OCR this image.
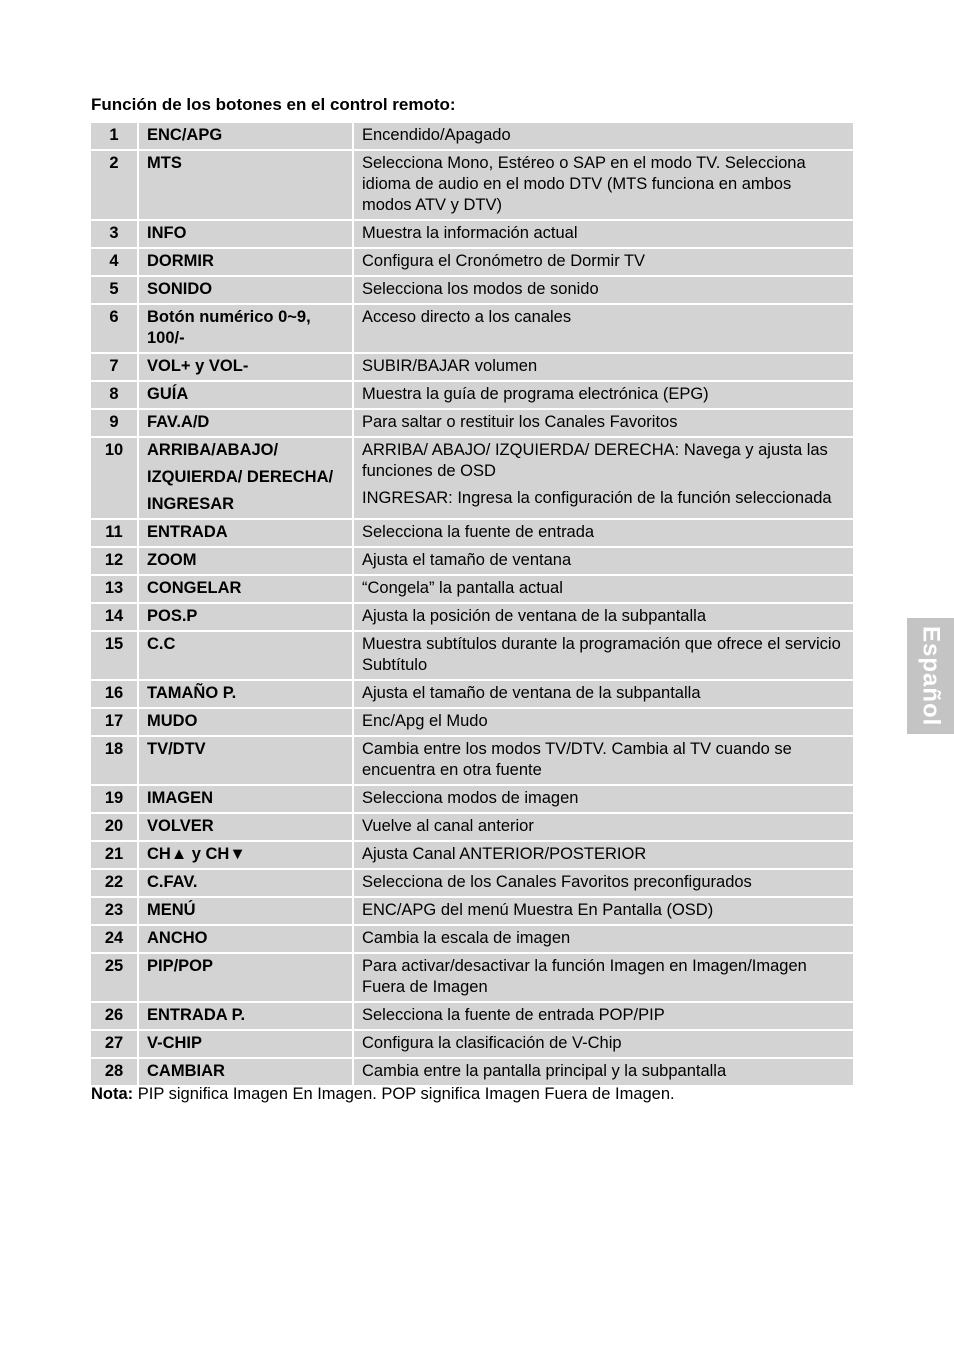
Función de los botones en el control remoto:
1	ENC/APG	Encendido/Apagado

2	MTS	Selecciona Mono, Estéreo o SAP en el modo TV. Selecciona idioma de audio en el modo DTV (MTS funciona en ambos modos ATV y DTV)

3	INFO	Muestra la información actual

4	DORMIR	Configura el Cronómetro de Dormir TV

5	SONIDO	Selecciona los modos de sonido

6	Botón numérico 0~9, 100/-	Acceso directo a los canales

7	VOL+ y VOL-	SUBIR/BAJAR volumen

8	GUÍA	Muestra la guía de programa electrónica (EPG)

9	FAV.A/D	Para saltar o restituir los Canales Favoritos

10	ARRIBA/ABAJO/
IZQUIERDA/ DERECHA/
INGRESAR	ARRIBA/ ABAJO/ IZQUIERDA/ DERECHA: Navega y ajusta las funciones de OSD
INGRESAR: Ingresa la configuración de la función seleccionada

11	ENTRADA	Selecciona la fuente de entrada

12	ZOOM	Ajusta el tamaño de ventana

13	CONGELAR	“Congela” la pantalla actual

14	POS.P	Ajusta la posición de ventana de la subpantalla

15	C.C	Muestra subtítulos durante la programación que ofrece el servicio Subtítulo

16	TAMAÑO P.	Ajusta el tamaño de ventana de la subpantalla

17	MUDO	Enc/Apg el Mudo

18	TV/DTV	Cambia entre los modos TV/DTV. Cambia al TV cuando se encuentra en otra fuente

19	IMAGEN	Selecciona modos de imagen

20	VOLVER	Vuelve al canal anterior

21	CH▲ y CH▼	Ajusta Canal ANTERIOR/POSTERIOR

22	C.FAV.	Selecciona de los Canales Favoritos preconfigurados

23	MENÚ	ENC/APG del menú Muestra En Pantalla (OSD)

24	ANCHO	Cambia la escala de imagen

25	PIP/POP	Para activar/desactivar la función Imagen en Imagen/Imagen Fuera de Imagen

26	ENTRADA P.	Selecciona la fuente de entrada POP/PIP

27	V-CHIP	Configura la clasificación de V-Chip

28	CAMBIAR	Cambia entre la pantalla principal y la subpantalla

Nota: PIP significa Imagen En Imagen. POP significa Imagen Fuera de Imagen.

Español
